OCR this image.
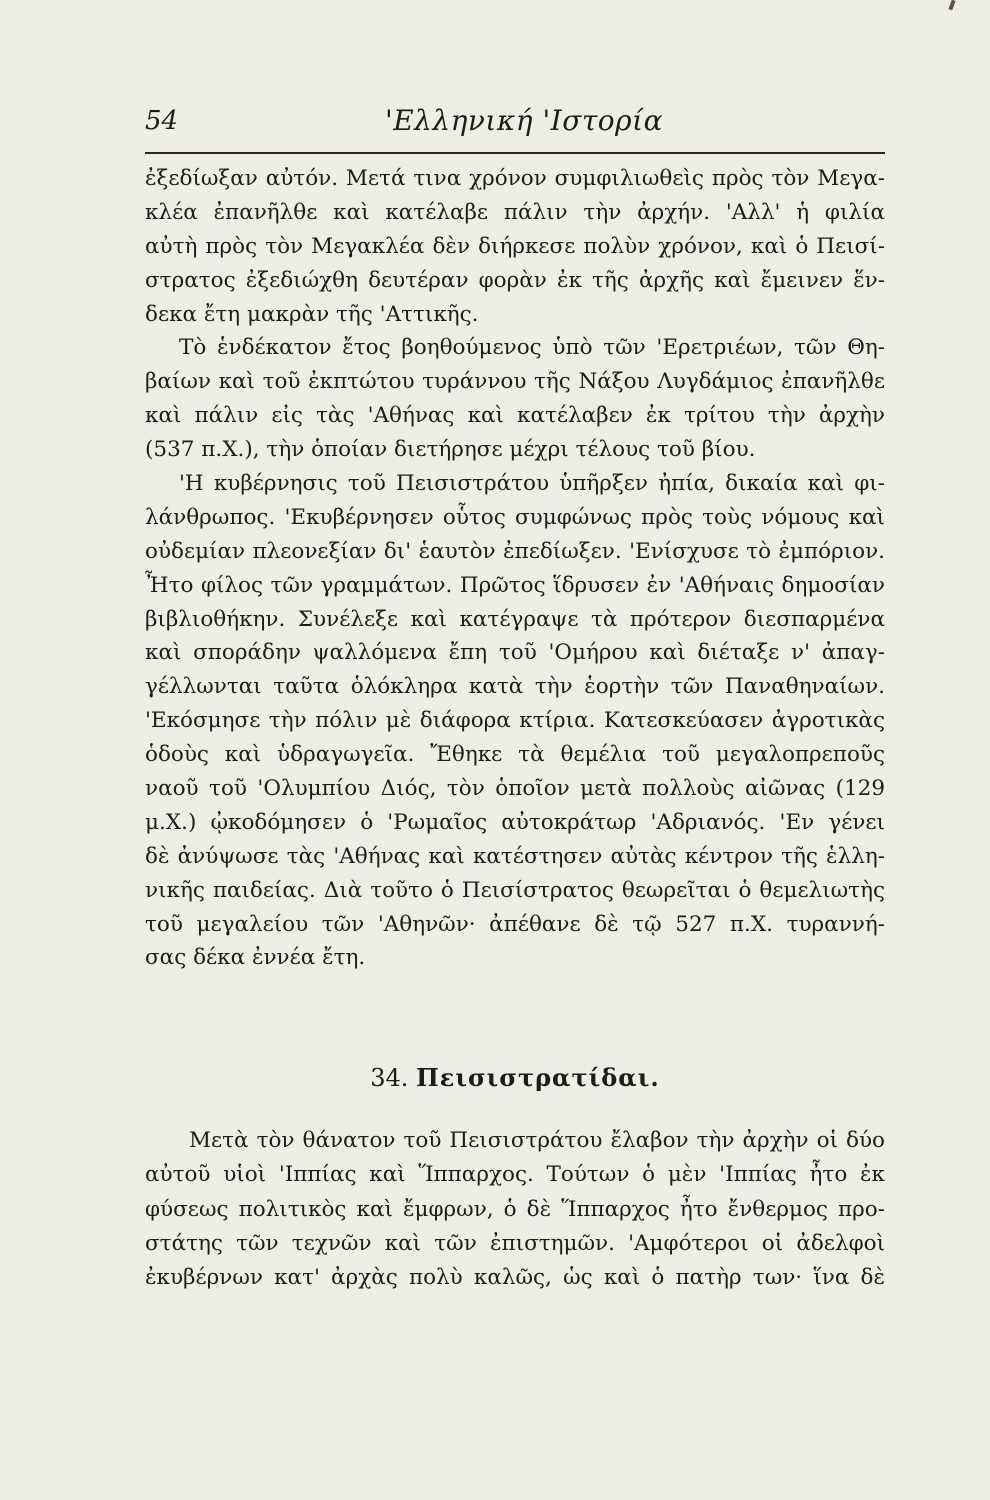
54	'Ελληνική 'Ιστορία
ἐξεδίωξαν αὐτόν. Μετά τινα χρόνον συμφιλιωθεὶς πρὸς τὸν Μεγα-
κλέα ἐπανῆλθε καὶ κατέλαβε πάλιν τὴν ἀρχήν. 'Αλλ' ἡ φιλία
αὐτὴ πρὸς τὸν Μεγακλέα δὲν διήρκεσε πολὺν χρόνον, καὶ ὁ Πεισί-
στρατος ἐξεδιώχθη δευτέραν φορὰν ἐκ τῆς ἀρχῆς καὶ ἔμεινεν ἕν-
δεκα ἔτη μακρὰν τῆς 'Αττικῆς.
Τὸ ἑνδέκατον ἔτος βοηθούμενος ὑπὸ τῶν 'Ερετριέων, τῶν Θη-
βαίων καὶ τοῦ ἐκπτώτου τυράννου τῆς Νάξου Λυγδάμιος ἐπανῆλθε
καὶ πάλιν εἰς τὰς 'Αθήνας καὶ κατέλαβεν ἐκ τρίτου τὴν ἀρχὴν
(537 π.Χ.), τὴν ὁποίαν διετήρησε μέχρι τέλους τοῦ βίου.
'Η κυβέρνησις τοῦ Πεισιστράτου ὑπῆρξεν ἠπία, δικαία καὶ φι-
λάνθρωπος. 'Εκυβέρνησεν οὗτος συμφώνως πρὸς τοὺς νόμους καὶ
οὐδεμίαν πλεονεξίαν δι' ἑαυτὸν ἐπεδίωξεν. 'Ενίσχυσε τὸ ἐμπόριον.
Ἦτο φίλος τῶν γραμμάτων. Πρῶτος ἵδρυσεν ἐν 'Αθήναις δημοσίαν
βιβλιοθήκην. Συνέλεξε καὶ κατέγραψε τὰ πρότερον διεσπαρμένα
καὶ σποράδην ψαλλόμενα ἔπη τοῦ 'Ομήρου καὶ διέταξε ν' ἀπαγ-
γέλλωνται ταῦτα ὁλόκληρα κατὰ τὴν ἑορτὴν τῶν Παναθηναίων.
'Εκόσμησε τὴν πόλιν μὲ διάφορα κτίρια. Κατεσκεύασεν ἀγροτικὰς
ὁδοὺς καὶ ὑδραγωγεῖα. Ἔθηκε τὰ θεμέλια τοῦ μεγαλοπρεποῦς
ναοῦ τοῦ 'Ολυμπίου Διός, τὸν ὁποῖον μετὰ πολλοὺς αἰῶνας (129
μ.Χ.) ᾠκοδόμησεν ὁ 'Ρωμαῖος αὐτοκράτωρ 'Αδριανός. 'Εν γένει
δὲ ἀνύψωσε τὰς 'Αθήνας καὶ κατέστησεν αὐτὰς κέντρον τῆς ἑλλη-
νικῆς παιδείας. Διὰ τοῦτο ὁ Πεισίστρατος θεωρεῖται ὁ θεμελιωτὴς
τοῦ μεγαλείου τῶν 'Αθηνῶν· ἀπέθανε δὲ τῷ 527 π.Χ. τυραννή-
σας δέκα ἐννέα ἔτη.
34. Πεισιστρατίδαι.
Μετὰ τὸν θάνατον τοῦ Πεισιστράτου ἔλαβον τὴν ἀρχὴν οἱ δύο
αὐτοῦ υἱοὶ 'Ιππίας καὶ Ἵππαρχος. Τούτων ὁ μὲν 'Ιππίας ἦτο ἐκ
φύσεως πολιτικὸς καὶ ἔμφρων, ὁ δὲ Ἵππαρχος ἦτο ἔνθερμος προ-
στάτης τῶν τεχνῶν καὶ τῶν ἐπιστημῶν. 'Αμφότεροι οἱ ἀδελφοὶ
ἐκυβέρνων κατ' ἀρχὰς πολὺ καλῶς, ὡς καὶ ὁ πατὴρ των· ἵνα δὲ
